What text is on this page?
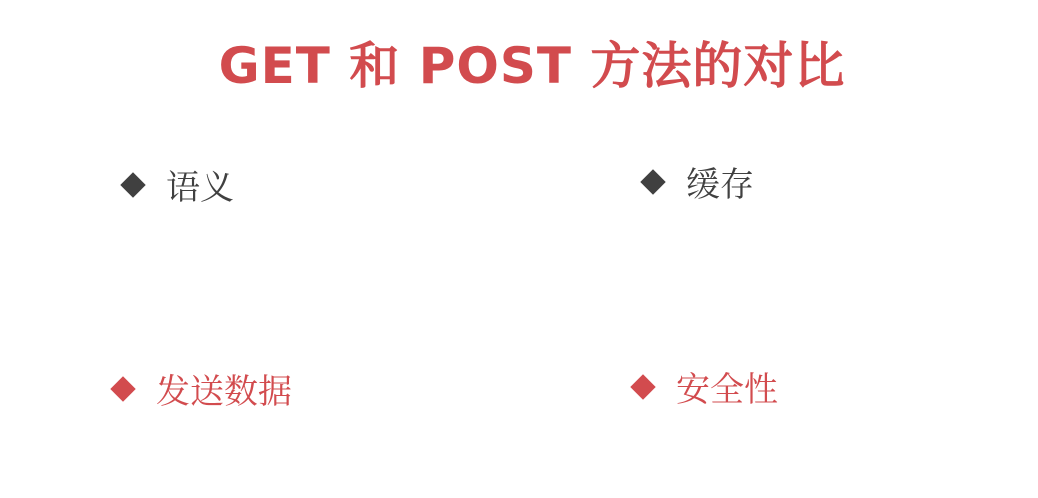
GET 和 POST 方法的对比
语义	缓存
发送数据	安全性
